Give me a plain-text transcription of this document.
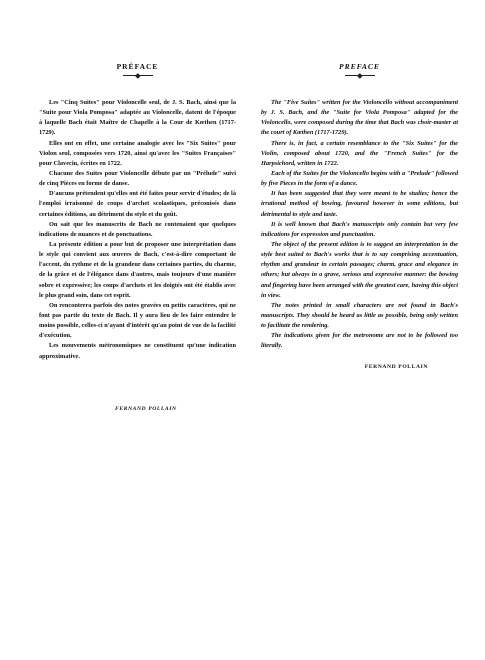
PRÉFACE

Les "Cinq Suites" pour Violoncelle seul, de J. S. Bach, ainsi que la "Suite pour Viola Pomposa" adaptée au Violoncelle, datent de l'époque à laquelle Bach était Maître de Chapelle à la Cour de Kœthen (1717-1729).

Elles ont en effet, une certaine analogie avec les "Six Suites" pour Violon seul, composées vers 1720, ainsi qu'avec les "Suites Françaises" pour Clavecin, écrites en 1722.

Chacune des Suites pour Violoncelle débute par un "Prélude" suivi de cinq Pièces en forme de danse.

D'aucuns prétendent qu'elles ont été faites pour servir d'études; de là l'emploi irraisonné de coups d'archet scolastiques, préconisés dans certaines éditions, au détriment du style et du goût.

On sait que les manuscrits de Bach ne contenaient que quelques indications de nuances et de ponctuations.

La présente édition a pour but de proposer une interprétation dans le style qui convient aux œuvres de Bach, c'est-à-dire comportant de l'accent, du rythme et de la grandeur dans certaines parties, du charme, de la grâce et de l'élégance dans d'autres, mais toujours d'une manière sobre et expressive; les coups d'archets et les doigtés ont été établis avec le plus grand soin, dans cet esprit.

On rencontrera parfois des notes gravées en petits caractères, qui ne font pas partie du texte de Bach. Il y aura lieu de les faire entendre le moins possible, celles-ci n'ayant d'intérêt qu'au point de vue de la facilité d'exécution.

Les mouvements métronomiques ne constituent qu'une indication approximative.

FERNAND POLLAIN
PREFACE

The "Five Suites" written for the Violoncello without accompaniment by J. S. Bach, and the "Suite for Viola Pomposa" adapted for the Violoncello, were composed during the time that Bach was choir-master at the court of Kœthen (1717-1729).

There is, in fact, a certain resemblance to the "Six Suites" for the Violin, composed about 1720, and the "French Suites" for the Harpsichord, written in 1722.

Each of the Suites for the Violoncello begins with a "Prelude" followed by five Pieces in the form of a dance.

It has been suggested that they were meant to be studies; hence the irrational method of bowing, favoured however in some editions, but detrimental to style and taste.

It is well known that Bach's manuscripts only contain but very few indications for expression and punctuation.

The object of the present edition is to suggest an interpretation in the style best suited to Bach's works that is to say comprising accentuation, rhythm and grandeur in certain passages; charm, grace and elegance in others; but always in a grave, serious and expressive manner: the bowing and fingering have been arranged with the greatest care, having this object in view.

The notes printed in small characters are not found in Bach's manuscripts. They should be heard as little as possible, being only written to facilitate the rendering.

The indications given for the metronome are not to be followed too literally.

FERNAND POLLAIN
